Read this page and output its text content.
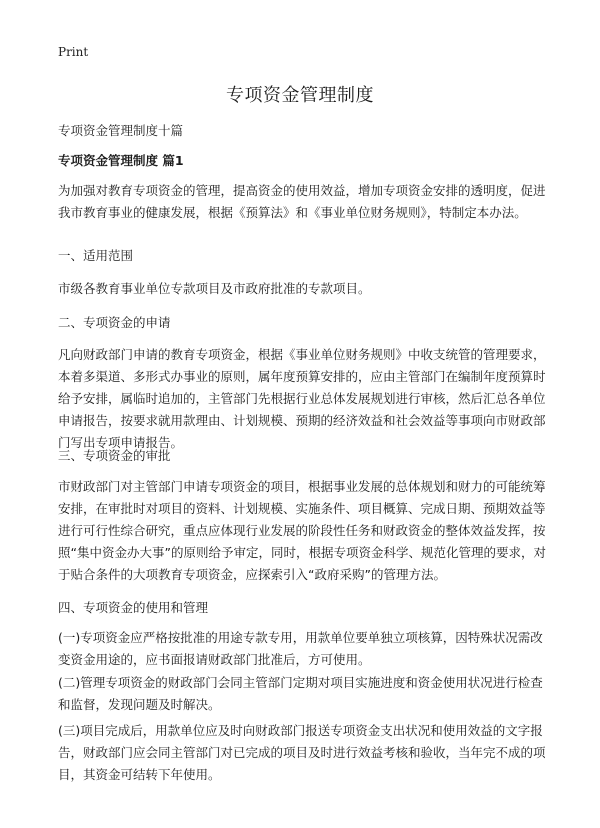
Print
专项资金管理制度

专项资金管理制度十篇

专项资金管理制度 篇1

为加强对教育专项资金的管理，提高资金的使用效益，增加专项资金安排的透明度，促进我市教育事业的健康发展，根据《预算法》和《事业单位财务规则》，特制定本办法。

一、适用范围

市级各教育事业单位专款项目及市政府批准的专款项目。

二、专项资金的申请

凡向财政部门申请的教育专项资金，根据《事业单位财务规则》中收支统管的管理要求，本着多渠道、多形式办事业的原则，属年度预算安排的，应由主管部门在编制年度预算时给予安排，属临时追加的，主管部门先根据行业总体发展规划进行审核，然后汇总各单位申请报告，按要求就用款理由、计划规模、预期的经济效益和社会效益等事项向市财政部门写出专项申请报告。

三、专项资金的审批

市财政部门对主管部门申请专项资金的项目，根据事业发展的总体规划和财力的可能统筹安排，在审批时对项目的资料、计划规模、实施条件、项目概算、完成日期、预期效益等进行可行性综合研究，重点应体现行业发展的阶段性任务和财政资金的整体效益发挥，按照“集中资金办大事”的原则给予审定，同时，根据专项资金科学、规范化管理的要求，对于贴合条件的大项教育专项资金，应探索引入“政府采购”的管理方法。

四、专项资金的使用和管理

(一)专项资金应严格按批准的用途专款专用，用款单位要单独立项核算，因特殊状况需改变资金用途的，应书面报请财政部门批准后，方可使用。

(二)管理专项资金的财政部门会同主管部门定期对项目实施进度和资金使用状况进行检查和监督，发现问题及时解决。

(三)项目完成后，用款单位应及时向财政部门报送专项资金支出状况和使用效益的文字报告，财政部门应会同主管部门对已完成的项目及时进行效益考核和验收，当年完不成的项目，其资金可结转下年使用。
